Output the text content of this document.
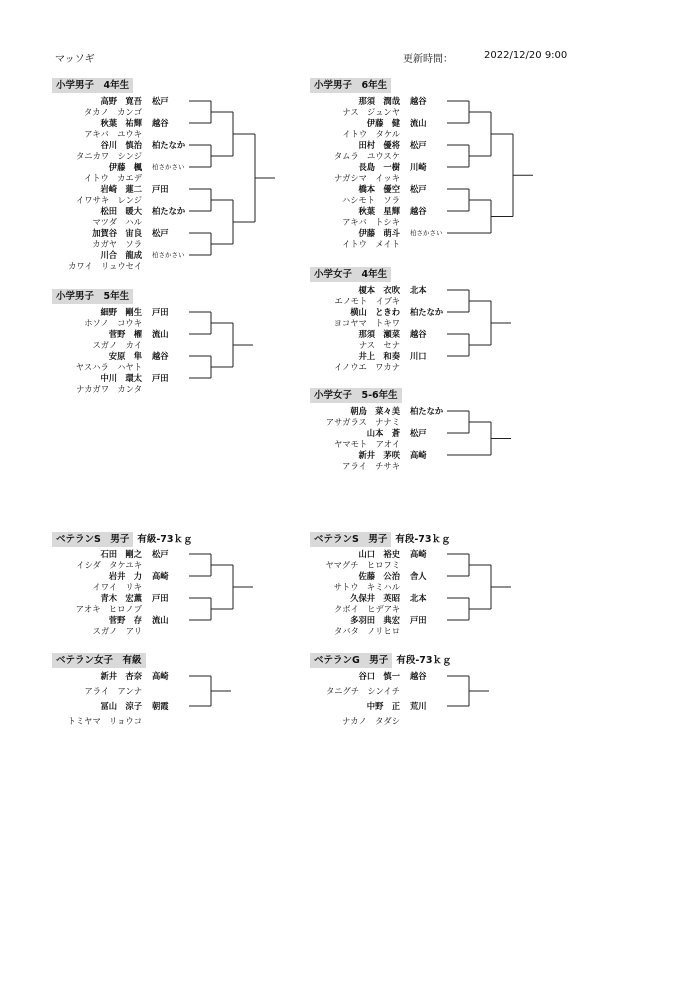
マッソギ	更新時間：	2022/12/20 9:00
小学男子　4年生
高野　寛吾 松戸
タカノ　カンゴ
秋葉　祐輝 越谷
アキバ　ユウキ
谷川　慎治 柏たなか
タニカワ　シンジ
伊藤　楓 柏さかさい
イトウ　カエデ
岩崎　蓮二 戸田
イワサキ　レンジ
松田　暖大 柏たなか
マツダ　ハル
加賀谷　宙良 松戸
カガヤ　ソラ
川合　龍成 柏さかさい
カワイ　リュウセイ
小学男子　5年生
細野　剛生 戸田
ホソノ　コウキ
菅野　櫂 流山
スガノ　カイ
安原　隼 越谷
ヤスハラ　ハヤト
中川　環太 戸田
ナカガワ　カンタ
小学男子　6年生
那須　潤哉 越谷
ナス　ジュンヤ
伊藤　健 流山
イトウ　タケル
田村　優将 松戸
タムラ　ユウスケ
長島　一樹 川崎
ナガシマ　イッキ
橋本　優空 松戸
ハシモト　ソラ
秋葉　星輝 越谷
アキバ　トシキ
伊藤　萌斗 柏さかさい
イトウ　メイト
小学女子　4年生
榎本　衣吹 北本
エノモト　イブキ
横山　ときわ 柏たなか
ヨコヤマ　トキワ
那須　瀬菜 越谷
ナス　セナ
井上　和奏 川口
イノウエ　ワカナ
小学女子　5-6年生
朝烏　菜々美 柏たなか
アサガラス　ナナミ
山本　蒼 松戸
ヤマモト　アオイ
新井　茅咲 高崎
アライ　チサキ
ベテランS　男子 有級-73ｋｇ
石田　剛之 松戸
イシダ　タケユキ
岩井　力 高崎
イワイ　リキ
青木　宏薫 戸田
アオキ　ヒロノブ
菅野　存 流山
スガノ　アリ
ベテランS　男子 有段-73ｋｇ
山口　裕史 高崎
ヤマグチ　ヒロフミ
佐藤　公治 舎人
サトウ　キミハル
久保井　英昭 北本
クボイ　ヒデアキ
多羽田　典宏 戸田
タバタ　ノリヒロ
ベテラン女子　有級
新井　杏奈 高崎
アライ　アンナ
冨山　涼子 朝霞
トミヤマ　リョウコ
ベテランG　男子 有段-73ｋｇ
谷口　慎一 越谷
タニグチ　シンイチ
中野　正 荒川
ナカノ　タダシ
